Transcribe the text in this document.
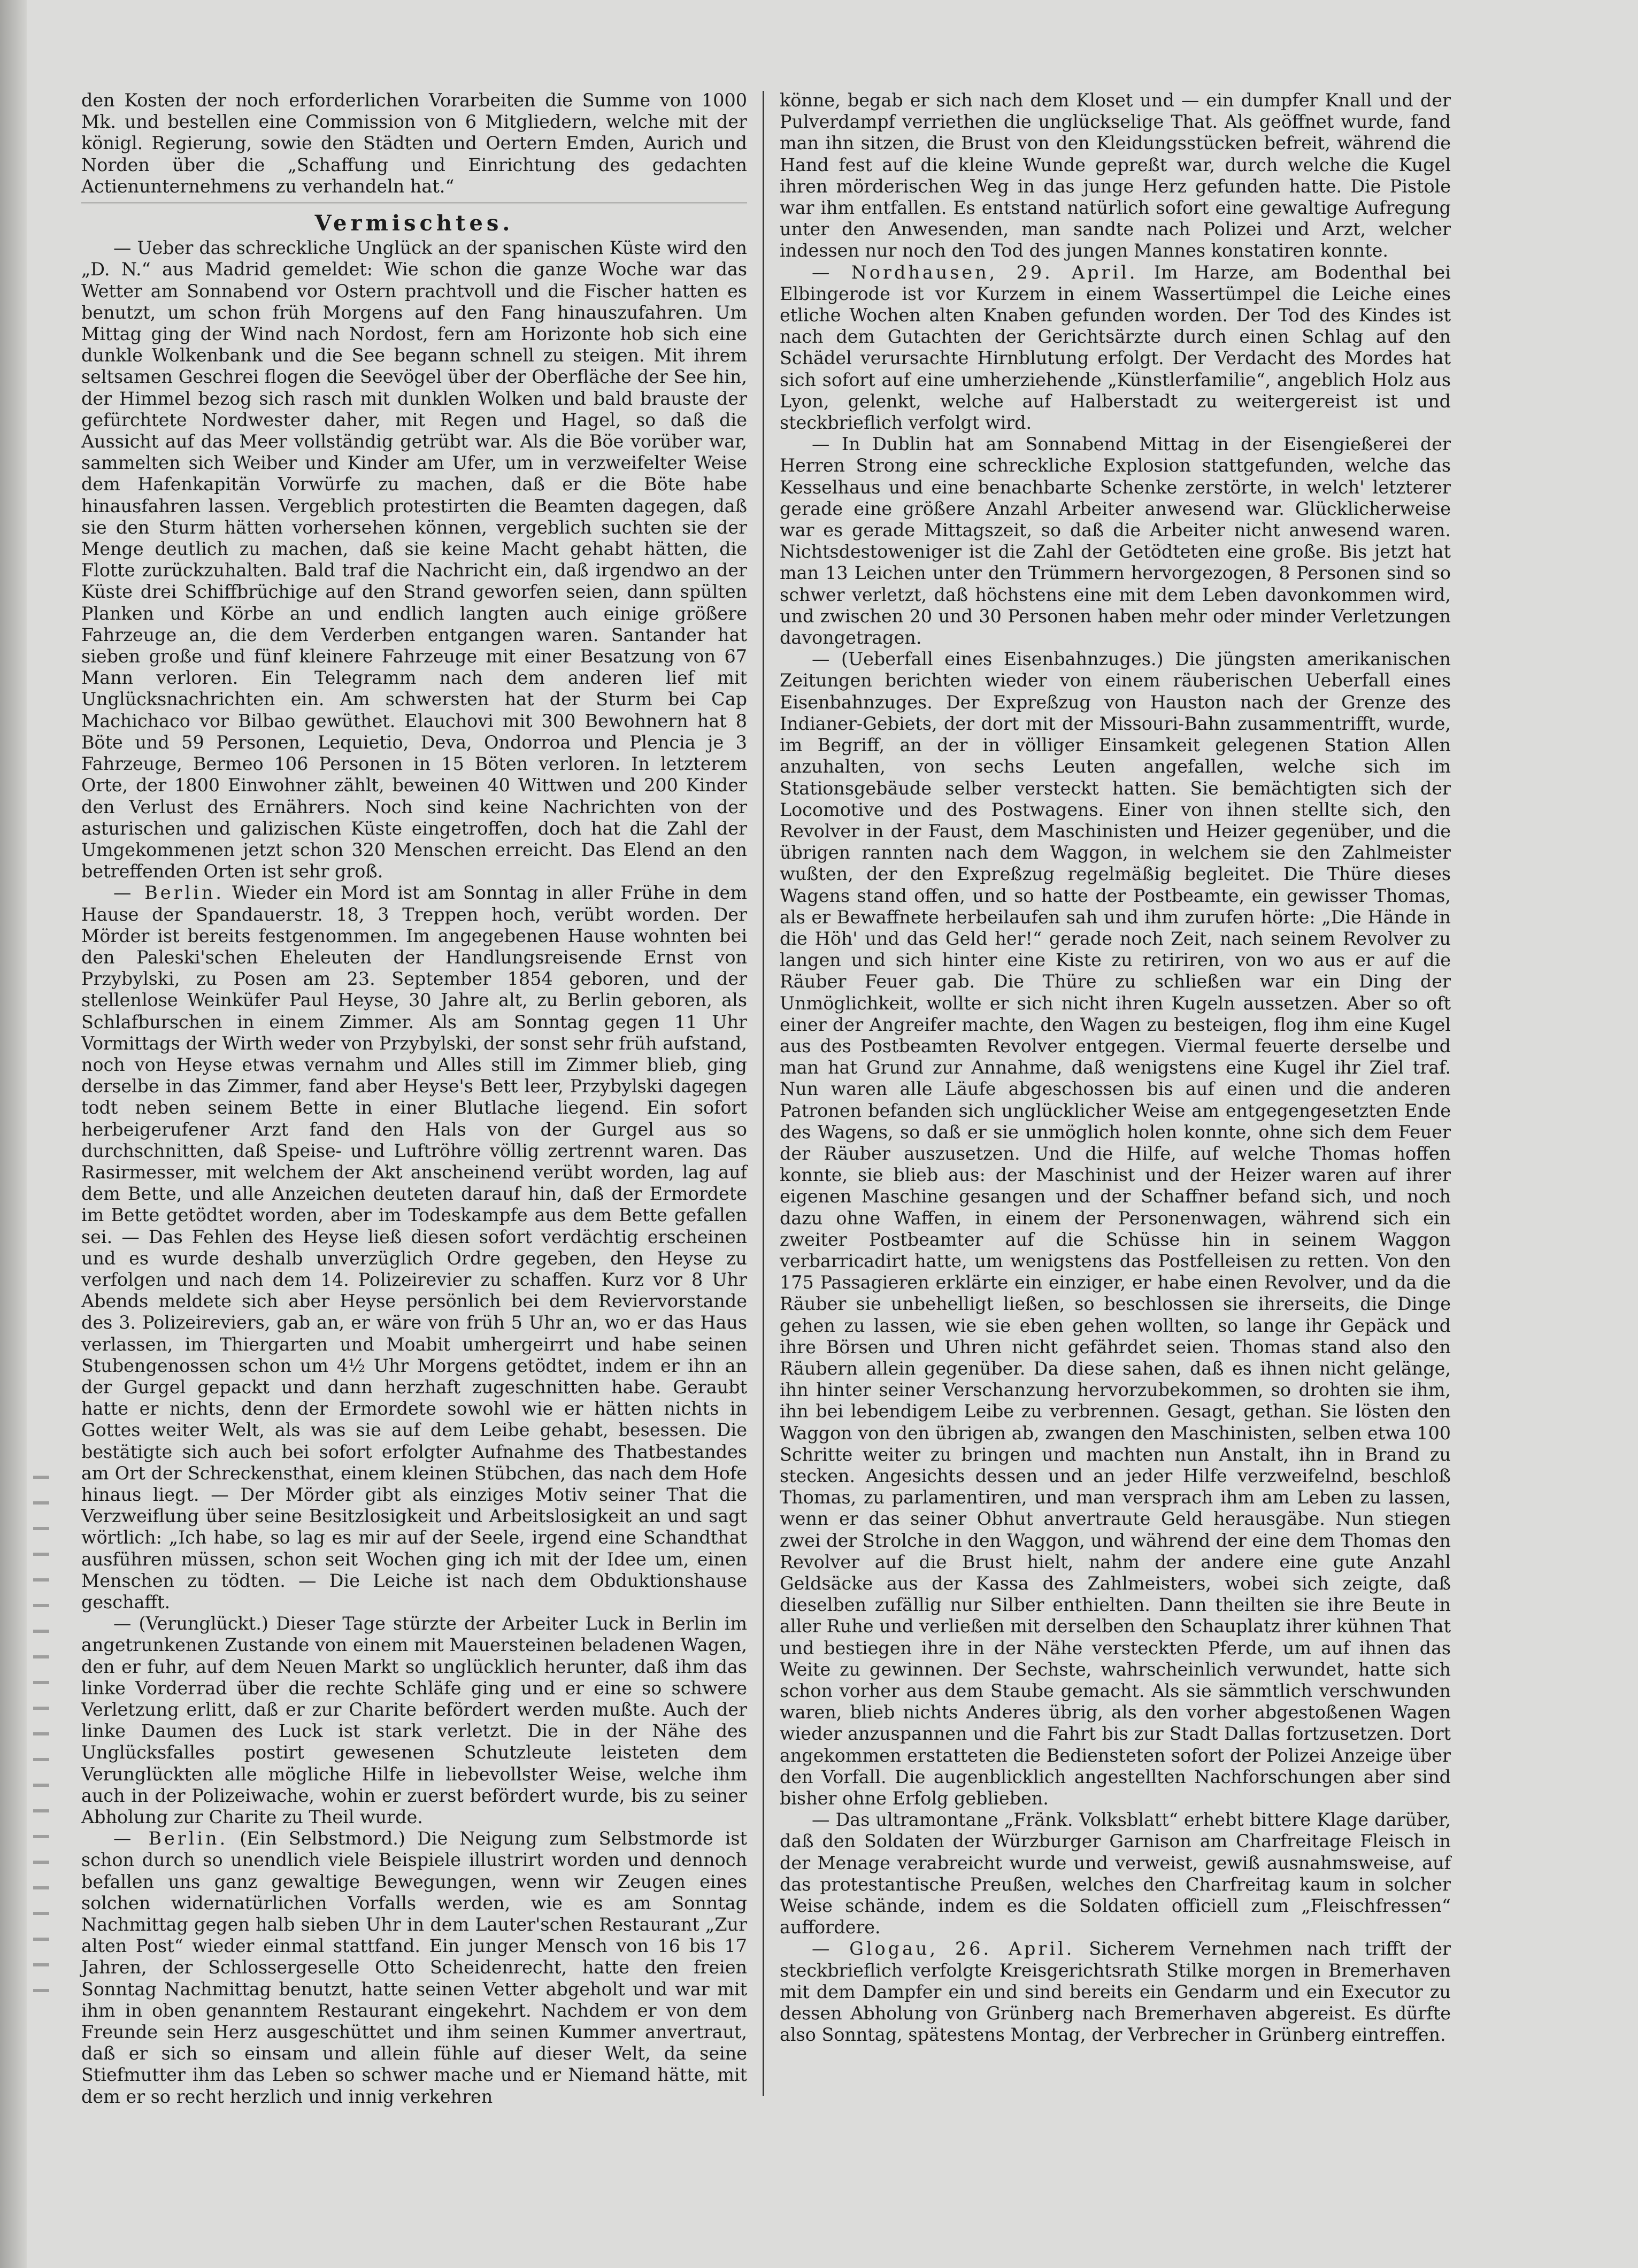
den Kosten der noch erforderlichen Vorarbeiten die Summe von 1000 Mk. und bestellen eine Commission von 6 Mitgliedern, welche mit der königl. Regierung, sowie den Städten und Oertern Emden, Aurich und Norden über die „Schaffung und Einrichtung des gedachten Actienunternehmens zu verhandeln hat.“

Vermischtes.

— Ueber das schreckliche Unglück an der spanischen Küste wird den „D. N.“ aus Madrid gemeldet: Wie schon die ganze Woche war das Wetter am Sonnabend vor Ostern prachtvoll und die Fischer hatten es benutzt, um schon früh Morgens auf den Fang hinauszufahren. Um Mittag ging der Wind nach Nordost, fern am Horizonte hob sich eine dunkle Wolkenbank und die See begann schnell zu steigen. Mit ihrem seltsamen Geschrei flogen die Seevögel über der Oberfläche der See hin, der Himmel bezog sich rasch mit dunklen Wolken und bald brauste der gefürchtete Nordwester daher, mit Regen und Hagel, so daß die Aussicht auf das Meer vollständig getrübt war. Als die Böe vorüber war, sammelten sich Weiber und Kinder am Ufer, um in verzweifelter Weise dem Hafenkapitän Vorwürfe zu machen, daß er die Böte habe hinausfahren lassen. Vergeblich protestirten die Beamten dagegen, daß sie den Sturm hätten vorhersehen können, vergeblich suchten sie der Menge deutlich zu machen, daß sie keine Macht gehabt hätten, die Flotte zurückzuhalten. Bald traf die Nachricht ein, daß irgendwo an der Küste drei Schiffbrüchige auf den Strand geworfen seien, dann spülten Planken und Körbe an und endlich langten auch einige größere Fahrzeuge an, die dem Verderben entgangen waren. Santander hat sieben große und fünf kleinere Fahrzeuge mit einer Besatzung von 67 Mann verloren. Ein Telegramm nach dem anderen lief mit Unglücksnachrichten ein. Am schwersten hat der Sturm bei Cap Machichaco vor Bilbao gewüthet. Elauchovi mit 300 Bewohnern hat 8 Böte und 59 Personen, Lequietio, Deva, Ondorroa und Plencia je 3 Fahrzeuge, Bermeo 106 Personen in 15 Böten verloren. In letzterem Orte, der 1800 Einwohner zählt, beweinen 40 Wittwen und 200 Kinder den Verlust des Ernährers. Noch sind keine Nachrichten von der asturischen und galizischen Küste eingetroffen, doch hat die Zahl der Umgekommenen jetzt schon 320 Menschen erreicht. Das Elend an den betreffenden Orten ist sehr groß.

— Berlin. Wieder ein Mord ist am Sonntag in aller Frühe in dem Hause der Spandauerstr. 18, 3 Treppen hoch, verübt worden. Der Mörder ist bereits festgenommen. Im angegebenen Hause wohnten bei den Paleski'schen Eheleuten der Handlungsreisende Ernst von Przybylski, zu Posen am 23. September 1854 geboren, und der stellenlose Weinküfer Paul Heyse, 30 Jahre alt, zu Berlin geboren, als Schlafburschen in einem Zimmer. Als am Sonntag gegen 11 Uhr Vormittags der Wirth weder von Przybylski, der sonst sehr früh aufstand, noch von Heyse etwas vernahm und Alles still im Zimmer blieb, ging derselbe in das Zimmer, fand aber Heyse's Bett leer, Przybylski dagegen todt neben seinem Bette in einer Blutlache liegend. Ein sofort herbeigerufener Arzt fand den Hals von der Gurgel aus so durchschnitten, daß Speise- und Luftröhre völlig zertrennt waren. Das Rasirmesser, mit welchem der Akt anscheinend verübt worden, lag auf dem Bette, und alle Anzeichen deuteten darauf hin, daß der Ermordete im Bette getödtet worden, aber im Todeskampfe aus dem Bette gefallen sei. — Das Fehlen des Heyse ließ diesen sofort verdächtig erscheinen und es wurde deshalb unverzüglich Ordre gegeben, den Heyse zu verfolgen und nach dem 14. Polizeirevier zu schaffen. Kurz vor 8 Uhr Abends meldete sich aber Heyse persönlich bei dem Reviervorstande des 3. Polizeireviers, gab an, er wäre von früh 5 Uhr an, wo er das Haus verlassen, im Thiergarten und Moabit umhergeirrt und habe seinen Stubengenossen schon um 4½ Uhr Morgens getödtet, indem er ihn an der Gurgel gepackt und dann herzhaft zugeschnitten habe. Geraubt hatte er nichts, denn der Ermordete sowohl wie er hätten nichts in Gottes weiter Welt, als was sie auf dem Leibe gehabt, besessen. Die bestätigte sich auch bei sofort erfolgter Aufnahme des Thatbestandes am Ort der Schreckensthat, einem kleinen Stübchen, das nach dem Hofe hinaus liegt. — Der Mörder gibt als einziges Motiv seiner That die Verzweiflung über seine Besitzlosigkeit und Arbeitslosigkeit an und sagt wörtlich: „Ich habe, so lag es mir auf der Seele, irgend eine Schandthat ausführen müssen, schon seit Wochen ging ich mit der Idee um, einen Menschen zu tödten. — Die Leiche ist nach dem Obduktionshause geschafft.

— (Verunglückt.) Dieser Tage stürzte der Arbeiter Luck in Berlin im angetrunkenen Zustande von einem mit Mauersteinen beladenen Wagen, den er fuhr, auf dem Neuen Markt so unglücklich herunter, daß ihm das linke Vorderrad über die rechte Schläfe ging und er eine so schwere Verletzung erlitt, daß er zur Charite befördert werden mußte. Auch der linke Daumen des Luck ist stark verletzt. Die in der Nähe des Unglücksfalles postirt gewesenen Schutzleute leisteten dem Verunglückten alle mögliche Hilfe in liebevollster Weise, welche ihm auch in der Polizeiwache, wohin er zuerst befördert wurde, bis zu seiner Abholung zur Charite zu Theil wurde.

— Berlin. (Ein Selbstmord.) Die Neigung zum Selbstmorde ist schon durch so unendlich viele Beispiele illustrirt worden und dennoch befallen uns ganz gewaltige Bewegungen, wenn wir Zeugen eines solchen widernatürlichen Vorfalls werden, wie es am Sonntag Nachmittag gegen halb sieben Uhr in dem Lauter'schen Restaurant „Zur alten Post“ wieder einmal stattfand. Ein junger Mensch von 16 bis 17 Jahren, der Schlossergeselle Otto Scheidenrecht, hatte den freien Sonntag Nachmittag benutzt, hatte seinen Vetter abgeholt und war mit ihm in oben genanntem Restaurant eingekehrt. Nachdem er von dem Freunde sein Herz ausgeschüttet und ihm seinen Kummer anvertraut, daß er sich so einsam und allein fühle auf dieser Welt, da seine Stiefmutter ihm das Leben so schwer mache und er Niemand hätte, mit dem er so recht herzlich und innig verkehren

könne, begab er sich nach dem Kloset und — ein dumpfer Knall und der Pulverdampf verriethen die unglückselige That. Als geöffnet wurde, fand man ihn sitzen, die Brust von den Kleidungsstücken befreit, während die Hand fest auf die kleine Wunde gepreßt war, durch welche die Kugel ihren mörderischen Weg in das junge Herz gefunden hatte. Die Pistole war ihm entfallen. Es entstand natürlich sofort eine gewaltige Aufregung unter den Anwesenden, man sandte nach Polizei und Arzt, welcher indessen nur noch den Tod des jungen Mannes konstatiren konnte.

— Nordhausen, 29. April. Im Harze, am Bodenthal bei Elbingerode ist vor Kurzem in einem Wassertümpel die Leiche eines etliche Wochen alten Knaben gefunden worden. Der Tod des Kindes ist nach dem Gutachten der Gerichtsärzte durch einen Schlag auf den Schädel verursachte Hirnblutung erfolgt. Der Verdacht des Mordes hat sich sofort auf eine umherziehende „Künstlerfamilie“, angeblich Holz aus Lyon, gelenkt, welche auf Halberstadt zu weitergereist ist und steckbrieflich verfolgt wird.

— In Dublin hat am Sonnabend Mittag in der Eisengießerei der Herren Strong eine schreckliche Explosion stattgefunden, welche das Kesselhaus und eine benachbarte Schenke zerstörte, in welch' letzterer gerade eine größere Anzahl Arbeiter anwesend war. Glücklicherweise war es gerade Mittagszeit, so daß die Arbeiter nicht anwesend waren. Nichtsdestoweniger ist die Zahl der Getödteten eine große. Bis jetzt hat man 13 Leichen unter den Trümmern hervorgezogen, 8 Personen sind so schwer verletzt, daß höchstens eine mit dem Leben davonkommen wird, und zwischen 20 und 30 Personen haben mehr oder minder Verletzungen davongetragen.

— (Ueberfall eines Eisenbahnzuges.) Die jüngsten amerikanischen Zeitungen berichten wieder von einem räuberischen Ueberfall eines Eisenbahnzuges. Der Expreßzug von Hauston nach der Grenze des Indianer-Gebiets, der dort mit der Missouri-Bahn zusammentrifft, wurde, im Begriff, an der in völliger Einsamkeit gelegenen Station Allen anzuhalten, von sechs Leuten angefallen, welche sich im Stationsgebäude selber versteckt hatten. Sie bemächtigten sich der Locomotive und des Postwagens. Einer von ihnen stellte sich, den Revolver in der Faust, dem Maschinisten und Heizer gegenüber, und die übrigen rannten nach dem Waggon, in welchem sie den Zahlmeister wußten, der den Expreßzug regelmäßig begleitet. Die Thüre dieses Wagens stand offen, und so hatte der Postbeamte, ein gewisser Thomas, als er Bewaffnete herbeilaufen sah und ihm zurufen hörte: „Die Hände in die Höh' und das Geld her!“ gerade noch Zeit, nach seinem Revolver zu langen und sich hinter eine Kiste zu retiriren, von wo aus er auf die Räuber Feuer gab. Die Thüre zu schließen war ein Ding der Unmöglichkeit, wollte er sich nicht ihren Kugeln aussetzen. Aber so oft einer der Angreifer machte, den Wagen zu besteigen, flog ihm eine Kugel aus des Postbeamten Revolver entgegen. Viermal feuerte derselbe und man hat Grund zur Annahme, daß wenigstens eine Kugel ihr Ziel traf. Nun waren alle Läufe abgeschossen bis auf einen und die anderen Patronen befanden sich unglücklicher Weise am entgegengesetzten Ende des Wagens, so daß er sie unmöglich holen konnte, ohne sich dem Feuer der Räuber auszusetzen. Und die Hilfe, auf welche Thomas hoffen konnte, sie blieb aus: der Maschinist und der Heizer waren auf ihrer eigenen Maschine gesangen und der Schaffner befand sich, und noch dazu ohne Waffen, in einem der Personenwagen, während sich ein zweiter Postbeamter auf die Schüsse hin in seinem Waggon verbarricadirt hatte, um wenigstens das Postfelleisen zu retten. Von den 175 Passagieren erklärte ein einziger, er habe einen Revolver, und da die Räuber sie unbehelligt ließen, so beschlossen sie ihrerseits, die Dinge gehen zu lassen, wie sie eben gehen wollten, so lange ihr Gepäck und ihre Börsen und Uhren nicht gefährdet seien. Thomas stand also den Räubern allein gegenüber. Da diese sahen, daß es ihnen nicht gelänge, ihn hinter seiner Verschanzung hervorzubekommen, so drohten sie ihm, ihn bei lebendigem Leibe zu verbrennen. Gesagt, gethan. Sie lösten den Waggon von den übrigen ab, zwangen den Maschinisten, selben etwa 100 Schritte weiter zu bringen und machten nun Anstalt, ihn in Brand zu stecken. Angesichts dessen und an jeder Hilfe verzweifelnd, beschloß Thomas, zu parlamentiren, und man versprach ihm am Leben zu lassen, wenn er das seiner Obhut anvertraute Geld herausgäbe. Nun stiegen zwei der Strolche in den Waggon, und während der eine dem Thomas den Revolver auf die Brust hielt, nahm der andere eine gute Anzahl Geldsäcke aus der Kassa des Zahlmeisters, wobei sich zeigte, daß dieselben zufällig nur Silber enthielten. Dann theilten sie ihre Beute in aller Ruhe und verließen mit derselben den Schauplatz ihrer kühnen That und bestiegen ihre in der Nähe versteckten Pferde, um auf ihnen das Weite zu gewinnen. Der Sechste, wahrscheinlich verwundet, hatte sich schon vorher aus dem Staube gemacht. Als sie sämmtlich verschwunden waren, blieb nichts Anderes übrig, als den vorher abgestoßenen Wagen wieder anzuspannen und die Fahrt bis zur Stadt Dallas fortzusetzen. Dort angekommen erstatteten die Bediensteten sofort der Polizei Anzeige über den Vorfall. Die augenblicklich angestellten Nachforschungen aber sind bisher ohne Erfolg geblieben.

— Das ultramontane „Fränk. Volksblatt“ erhebt bittere Klage darüber, daß den Soldaten der Würzburger Garnison am Charfreitage Fleisch in der Menage verabreicht wurde und verweist, gewiß ausnahmsweise, auf das protestantische Preußen, welches den Charfreitag kaum in solcher Weise schände, indem es die Soldaten officiell zum „Fleischfressen“ auffordere.

— Glogau, 26. April. Sicherem Vernehmen nach trifft der steckbrieflich verfolgte Kreisgerichtsrath Stilke morgen in Bremerhaven mit dem Dampfer ein und sind bereits ein Gendarm und ein Executor zu dessen Abholung von Grünberg nach Bremerhaven abgereist. Es dürfte also Sonntag, spätestens Montag, der Verbrecher in Grünberg eintreffen.
